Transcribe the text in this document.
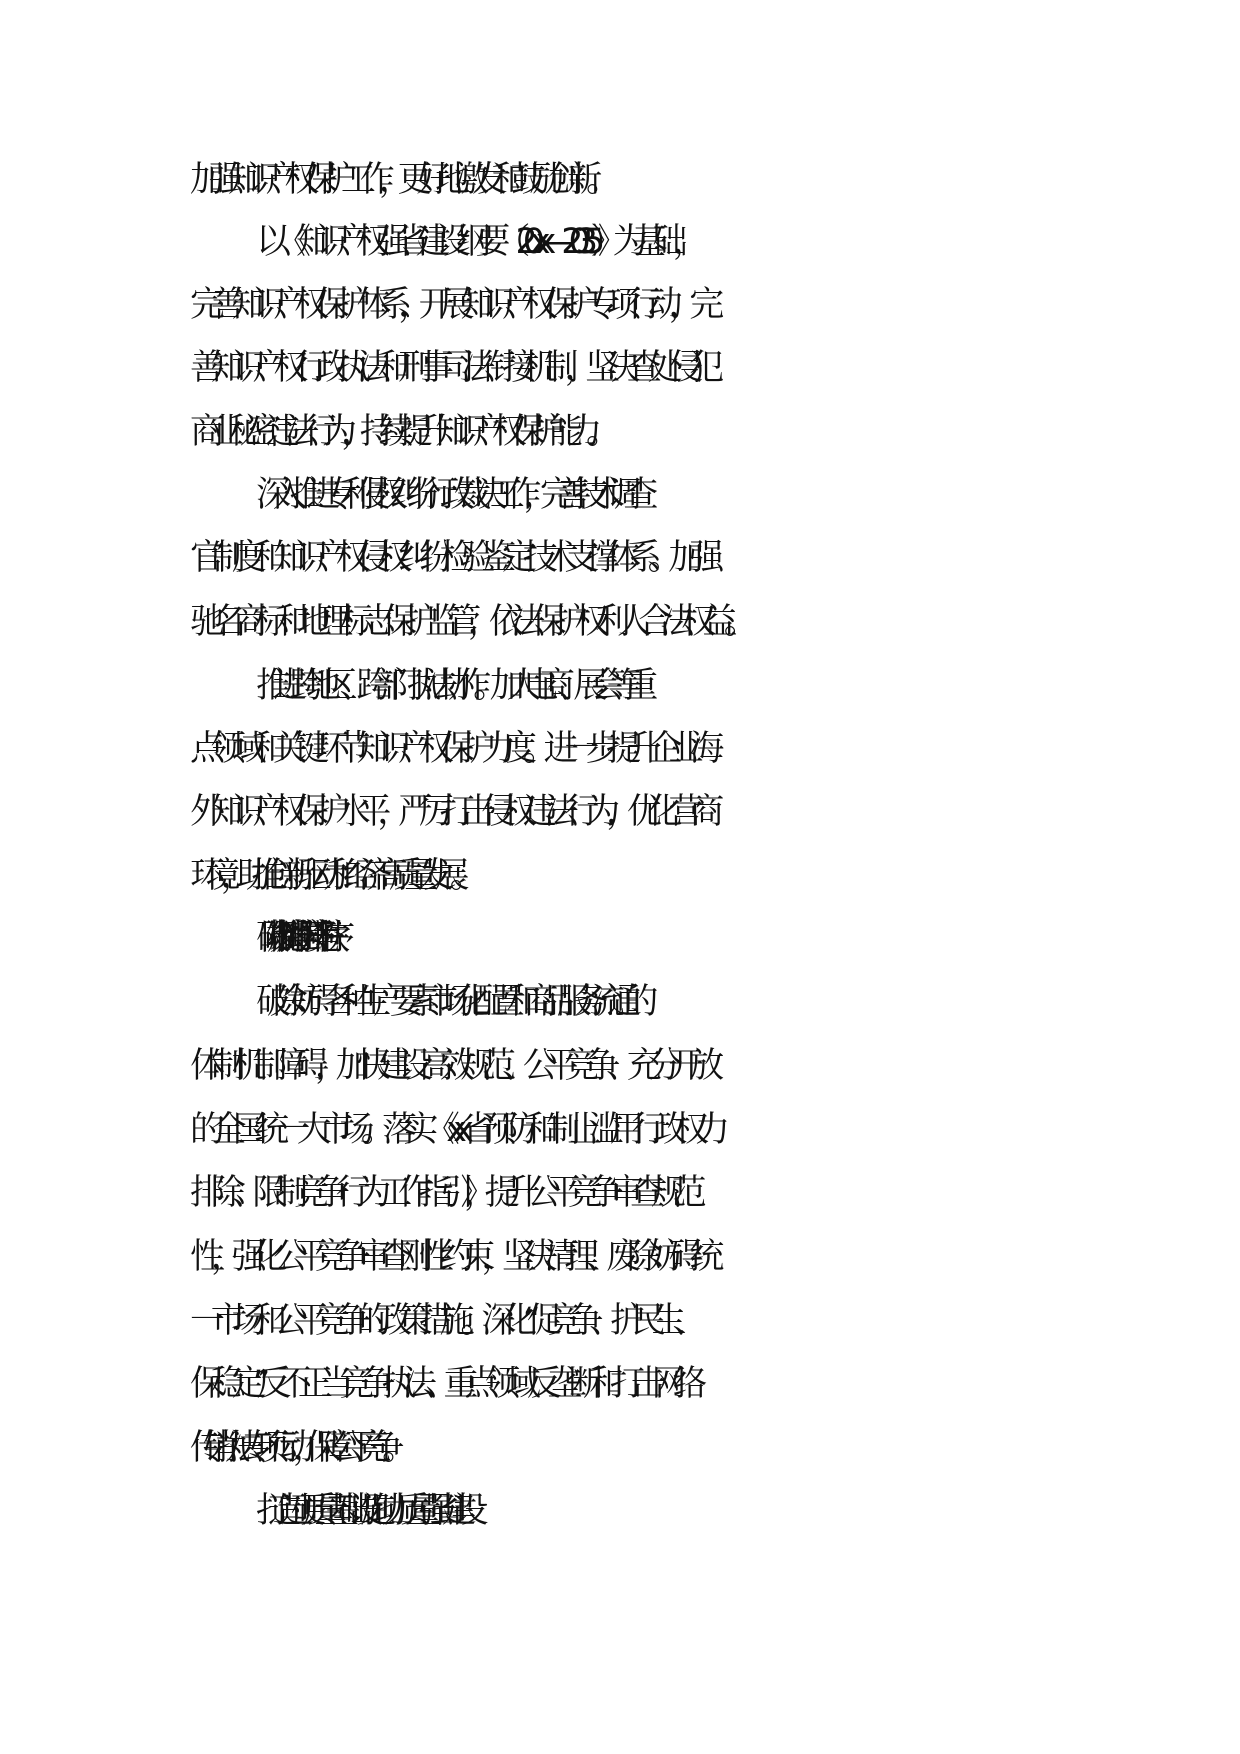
加强知识产权保护工作，更好地激发和鼓励创新。
以《知识产权强省建设纲要（20xx—2035）》为基础，
完善知识产权保护体系，开展知识产权保护专项行动，完
善知识产权行政执法和刑事司法衔接机制，坚决查处侵犯
商业秘密违法行为，持续提升知识产权保护能力。
深入推进专利侵权纠纷行政裁决工作，完善技术调查
官制度和知识产权侵权纠纷检验鉴定技术支撑体系。加强
驰名商标和地理标志保护监管，依法保护权利人合法权益。
推进跨地区、跨部门执法协作。加大电商、展会等重
点领域和关键环节知识产权保护力度。进一步提升企业海
外知识产权保护水平，严厉打击侵权违法行为，优化营商
环境，助推创新驱动和经济高质量发展。
破除机制障碍维护公平竞争秩序
破除妨碍各种生产要素市场化配置和商品服务流通的
体制机制障碍，加快建设高效规范、公平竞争、充分开放
的全国统一大市场。落实《xx省预防和制止滥用行政权力
排除、限制竞争行为工作指引》，提升公平竞争审查规范
性，强化公平竞争审查刚性约束，坚决清理、废除妨碍统
一市场和公平竞争的政策措施。深化“促竞争、护民生、
保稳定”反不正当竞争执法、重点领域反垄断和打击网络
传销执法专项行动，保障公平竞争。
打造过硬质量基础设施助力质量强省建设
